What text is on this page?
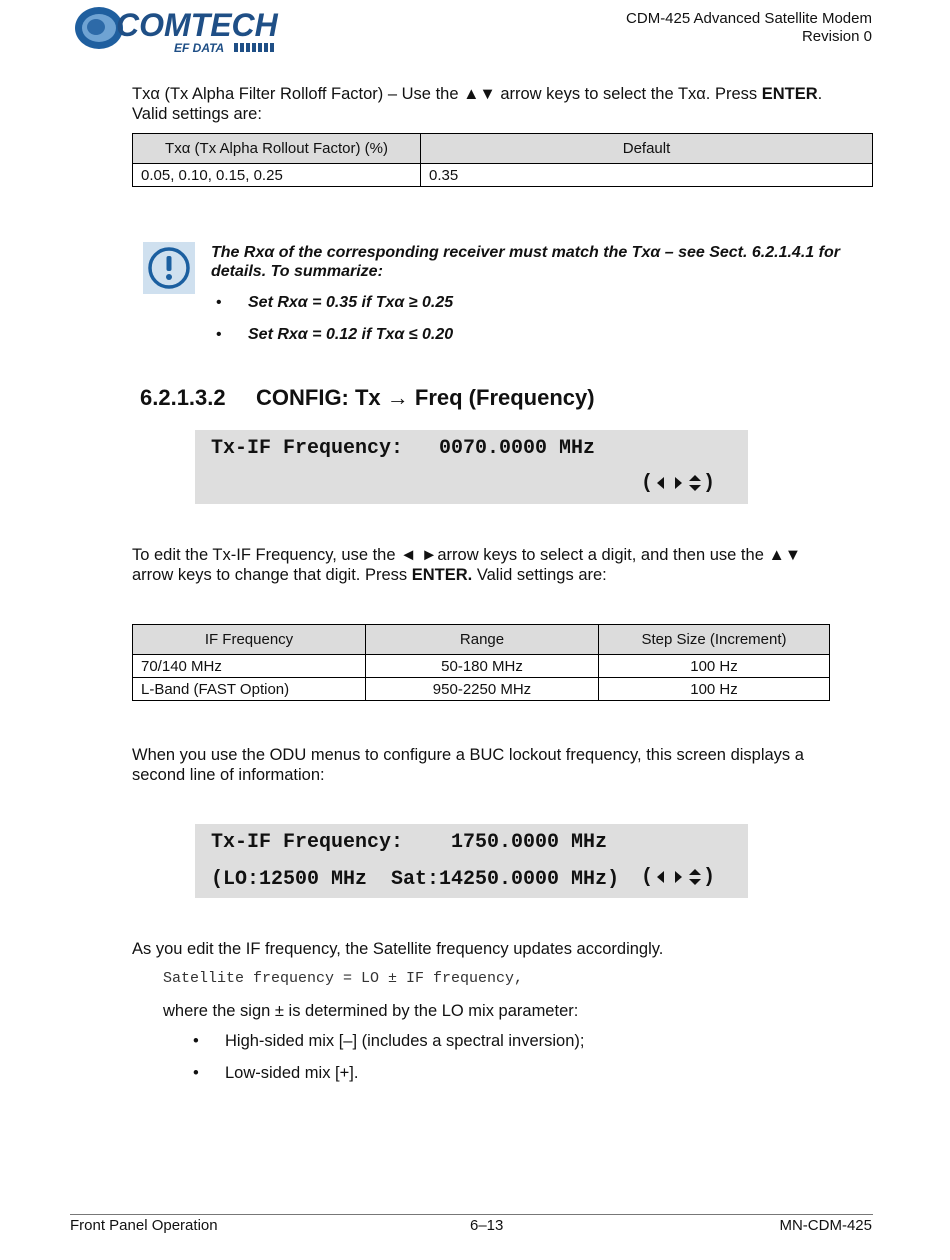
COMTECH
EF DATA
CDM-425 Advanced Satellite Modem
Revision 0
Txα (Tx Alpha Filter Rolloff Factor) – Use the ▲▼ arrow keys to select the Txα. Press ENTER.
Valid settings are:
Txα (Tx Alpha Rollout Factor) (%)	Default
0.05, 0.10, 0.15, 0.25	0.35
The Rxα of the corresponding receiver must match the Txα – see Sect. 6.2.1.4.1 for details. To summarize:
• Set Rxα = 0.35 if Txα ≥ 0.25
• Set Rxα = 0.12 if Txα ≤ 0.20
6.2.1.3.2 CONFIG: Tx → Freq (Frequency)
Tx-IF Frequency:   0070.0000 MHz
(	)
To edit the Tx-IF Frequency, use the ◄ ►arrow keys to select a digit, and then use the ▲▼
arrow keys to change that digit. Press ENTER. Valid settings are:
IF Frequency	Range	Step Size (Increment)
70/140 MHz	50-180 MHz	100 Hz
L-Band (FAST Option)	950-2250 MHz	100 Hz
When you use the ODU menus to configure a BUC lockout frequency, this screen displays a
second line of information:
Tx-IF Frequency:    1750.0000 MHz
(LO:12500 MHz  Sat:14250.0000 MHz) (	)
As you edit the IF frequency, the Satellite frequency updates accordingly.
Satellite frequency = LO ± IF frequency,
where the sign ± is determined by the LO mix parameter:
• High-sided mix [–] (includes a spectral inversion);
• Low-sided mix [+].
Front Panel Operation	6–13	MN-CDM-425
